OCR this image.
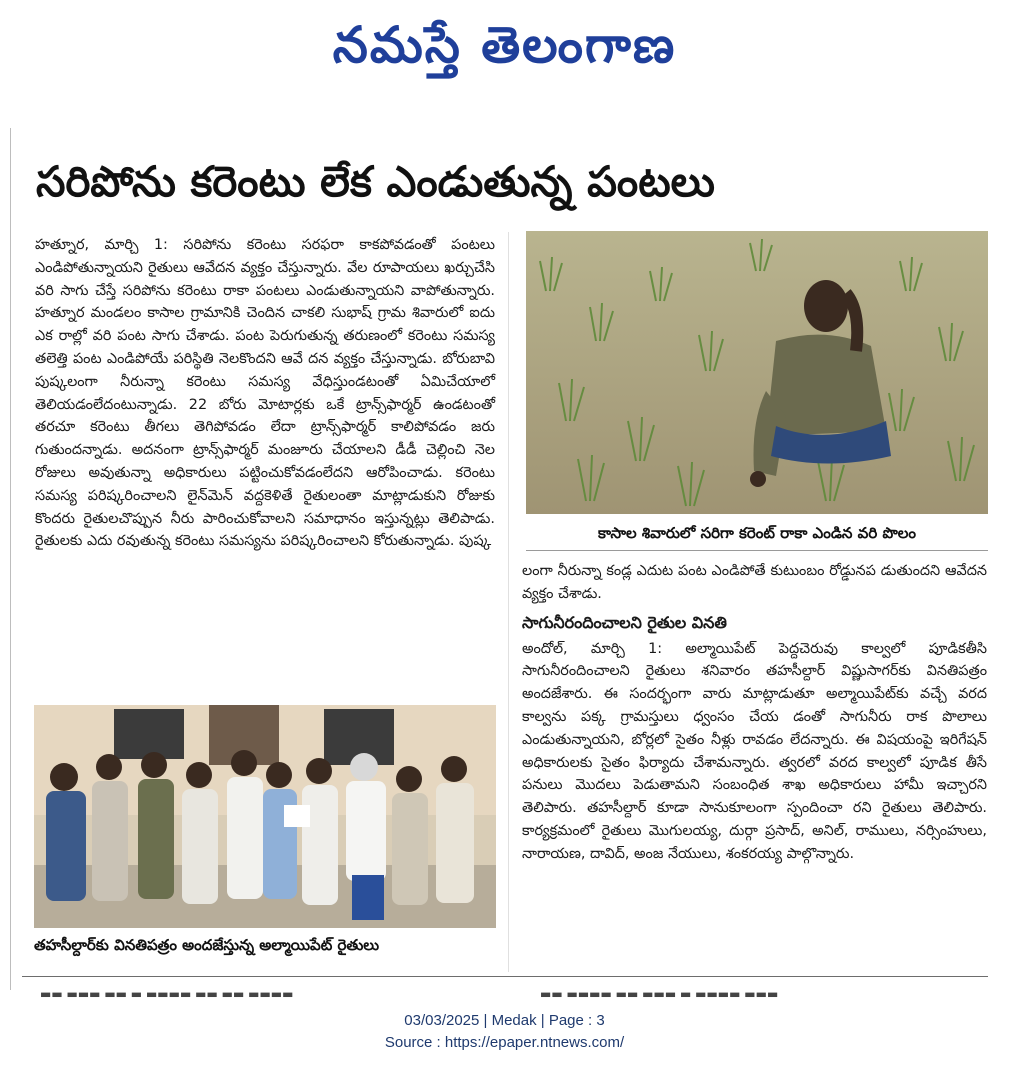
నమస్తే తెలంగాణ
సరిపోను కరెంటు లేక ఎండుతున్న పంటలు
హత్నూర, మార్చి 1: సరిపోను కరెంటు సరఫరా కాకపోవడంతో పంటలు ఎండిపోతున్నాయని రైతులు ఆవేదన వ్యక్తం చేస్తున్నారు. వేల రూపాయలు ఖర్చుచేసి వరి సాగు చేస్తే సరిపోను కరెంటు రాకా పంటలు ఎండుతున్నాయని వాపోతున్నారు. హత్నూర మండలం కాసాల గ్రామానికి చెందిన చాకలి సుభాష్ గ్రామ శివారులో ఐదు ఎక రాల్లో వరి పంట సాగు చేశాడు. పంట పెరుగుతున్న తరుణంలో కరెంటు సమస్య తలెత్తి పంట ఎండిపోయే పరిస్థితి నెలకొందని ఆవే దన వ్యక్తం చేస్తున్నాడు. బోరుబావి పుష్కలంగా నీరున్నా కరెంటు సమస్య వేధిస్తుండటంతో ఏమిచేయాలో తెలియడంలేదంటున్నాడు. 22 బోరు మోటార్లకు ఒకే ట్రాన్స్‌ఫార్మర్ ఉండటంతో తరచూ కరెంటు తీగలు తెగిపోవడం లేదా ట్రాన్స్‌ఫార్మర్ కాలిపోవడం జరు గుతుందన్నాడు. అదనంగా ట్రాన్స్‌ఫార్మర్ మంజూరు చేయాలని డీడీ చెల్లించి నెల రోజులు అవుతున్నా అధికారులు పట్టించుకోవడంలేదని ఆరోపించాడు. కరెంటు సమస్య పరిష్కరించాలని లైన్‌మెన్ వద్దకెళితే రైతులంతా మాట్లాడుకుని రోజుకు కొందరు రైతులచొప్పున నీరు పారించుకోవాలని సమాధానం ఇస్తున్నట్లు తెలిపాడు. రైతులకు ఎదు రవుతున్న కరెంటు సమస్యను పరిష్కరించాలని కోరుతున్నాడు. పుష్క	కాసాల శివారులో సరిగా కరెంట్ రాకా ఎండిన వరి పొలం
తహసీల్దార్‌కు వినతిపత్రం అందజేస్తున్న అల్మాయిపేట్ రైతులు

లంగా నీరున్నా కండ్ల ఎదుట పంట ఎండిపోతే కుటుంబం రోడ్డునప డుతుందని ఆవేదన వ్యక్తం చేశాడు.

సాగునీరందించాలని రైతుల వినతి

అందోల్, మార్చి 1: అల్మాయిపేట్ పెద్దచెరువు కాల్వలో పూడికతీసి సాగునీరందించాలని రైతులు శనివారం తహసీల్దార్ విష్ణుసాగర్‌కు వినతిపత్రం అందజేశారు. ఈ సందర్భంగా వారు మాట్లాడుతూ అల్మాయిపేట్‌కు వచ్చే వరద కాల్వను పక్క గ్రామస్తులు ధ్వంసం చేయ డంతో సాగునీరు రాక పొలాలు ఎండుతున్నాయని, బోర్లలో సైతం నీళ్లు రావడం లేదన్నారు. ఈ విషయంపై ఇరిగేషన్ అధికారులకు సైతం ఫిర్యాదు చేశామన్నారు. త్వరలో వరద కాల్వలో పూడిక తీసే పనులు మొదలు పెడుతామని సంబంధిత శాఖ అధికారులు హామీ ఇచ్చారని తెలిపారు. తహసీల్దార్ కూడా సానుకూలంగా స్పందించా రని రైతులు తెలిపారు. కార్యక్రమంలో రైతులు మొగులయ్య, దుర్గా ప్రసాద్, అనిల్, రాములు, నర్సింహులు, నారాయణ, దావిద్, అంజ నేయులు, శంకరయ్య పాల్గొన్నారు.

▬▬ ▬▬▬ ▬▬ ▬ ▬▬▬▬ ▬▬ ▬▬ ▬▬▬▬	▬▬ ▬▬▬▬ ▬▬ ▬▬▬ ▬ ▬▬▬▬ ▬▬▬
03/03/2025 | Medak | Page : 3
Source : https://epaper.ntnews.com/
